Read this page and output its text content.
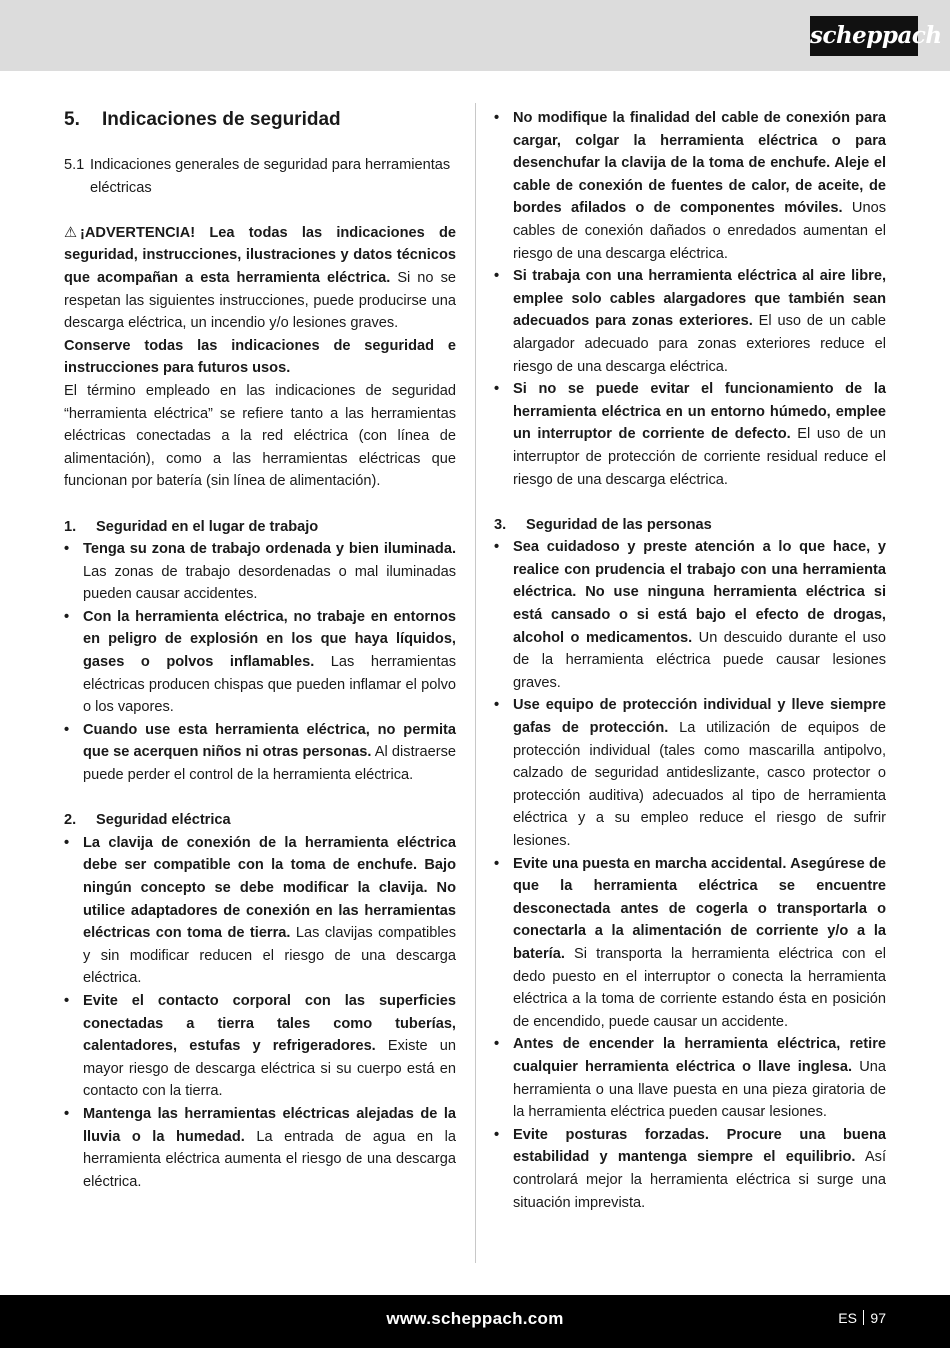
scheppach

5. Indicaciones de seguridad

5.1 Indicaciones generales de seguridad para herramientas eléctricas

⚠ ¡ADVERTENCIA! Lea todas las indicaciones de seguridad, instrucciones, ilustraciones y datos técnicos que acompañan a esta herramienta eléctrica. Si no se respetan las siguientes instrucciones, puede producirse una descarga eléctrica, un incendio y/o lesiones graves.

Conserve todas las indicaciones de seguridad e instrucciones para futuros usos.

El término empleado en las indicaciones de seguridad “herramienta eléctrica” se refiere tanto a las herramientas eléctricas conectadas a la red eléctrica (con línea de alimentación), como a las herramientas eléctricas que funcionan por batería (sin línea de alimentación).

1. Seguridad en el lugar de trabajo

• Tenga su zona de trabajo ordenada y bien iluminada. Las zonas de trabajo desordenadas o mal iluminadas pueden causar accidentes.
• Con la herramienta eléctrica, no trabaje en entornos en peligro de explosión en los que haya líquidos, gases o polvos inflamables. Las herramientas eléctricas producen chispas que pueden inflamar el polvo o los vapores.
• Cuando use esta herramienta eléctrica, no permita que se acerquen niños ni otras personas. Al distraerse puede perder el control de la herramienta eléctrica.

2. Seguridad eléctrica

• La clavija de conexión de la herramienta eléctrica debe ser compatible con la toma de enchufe. Bajo ningún concepto se debe modificar la clavija. No utilice adaptadores de conexión en las herramientas eléctricas con toma de tierra. Las clavijas compatibles y sin modificar reducen el riesgo de una descarga eléctrica.
• Evite el contacto corporal con las superficies conectadas a tierra tales como tuberías, calentadores, estufas y refrigeradores. Existe un mayor riesgo de descarga eléctrica si su cuerpo está en contacto con la tierra.
• Mantenga las herramientas eléctricas alejadas de la lluvia o la humedad. La entrada de agua en la herramienta eléctrica aumenta el riesgo de una descarga eléctrica.
• No modifique la finalidad del cable de conexión para cargar, colgar la herramienta eléctrica o para desenchufar la clavija de la toma de enchufe. Aleje el cable de conexión de fuentes de calor, de aceite, de bordes afilados o de componentes móviles. Unos cables de conexión dañados o enredados aumentan el riesgo de una descarga eléctrica.
• Si trabaja con una herramienta eléctrica al aire libre, emplee solo cables alargadores que también sean adecuados para zonas exteriores. El uso de un cable alargador adecuado para zonas exteriores reduce el riesgo de una descarga eléctrica.
• Si no se puede evitar el funcionamiento de la herramienta eléctrica en un entorno húmedo, emplee un interruptor de corriente de defecto. El uso de un interruptor de protección de corriente residual reduce el riesgo de una descarga eléctrica.

3. Seguridad de las personas

• Sea cuidadoso y preste atención a lo que hace, y realice con prudencia el trabajo con una herramienta eléctrica. No use ninguna herramienta eléctrica si está cansado o si está bajo el efecto de drogas, alcohol o medicamentos. Un descuido durante el uso de la herramienta eléctrica puede causar lesiones graves.
• Use equipo de protección individual y lleve siempre gafas de protección. La utilización de equipos de protección individual (tales como mascarilla antipolvo, calzado de seguridad antideslizante, casco protector o protección auditiva) adecuados al tipo de herramienta eléctrica y a su empleo reduce el riesgo de sufrir lesiones.
• Evite una puesta en marcha accidental. Asegúrese de que la herramienta eléctrica se encuentre desconectada antes de cogerla o transportarla o conectarla a la alimentación de corriente y/o a la batería. Si transporta la herramienta eléctrica con el dedo puesto en el interruptor o conecta la herramienta eléctrica a la toma de corriente estando ésta en posición de encendido, puede causar un accidente.
• Antes de encender la herramienta eléctrica, retire cualquier herramienta eléctrica o llave inglesa. Una herramienta o una llave puesta en una pieza giratoria de la herramienta eléctrica pueden causar lesiones.
• Evite posturas forzadas. Procure una buena estabilidad y mantenga siempre el equilibrio. Así controlará mejor la herramienta eléctrica si surge una situación imprevista.
www.scheppach.com	ES 97
